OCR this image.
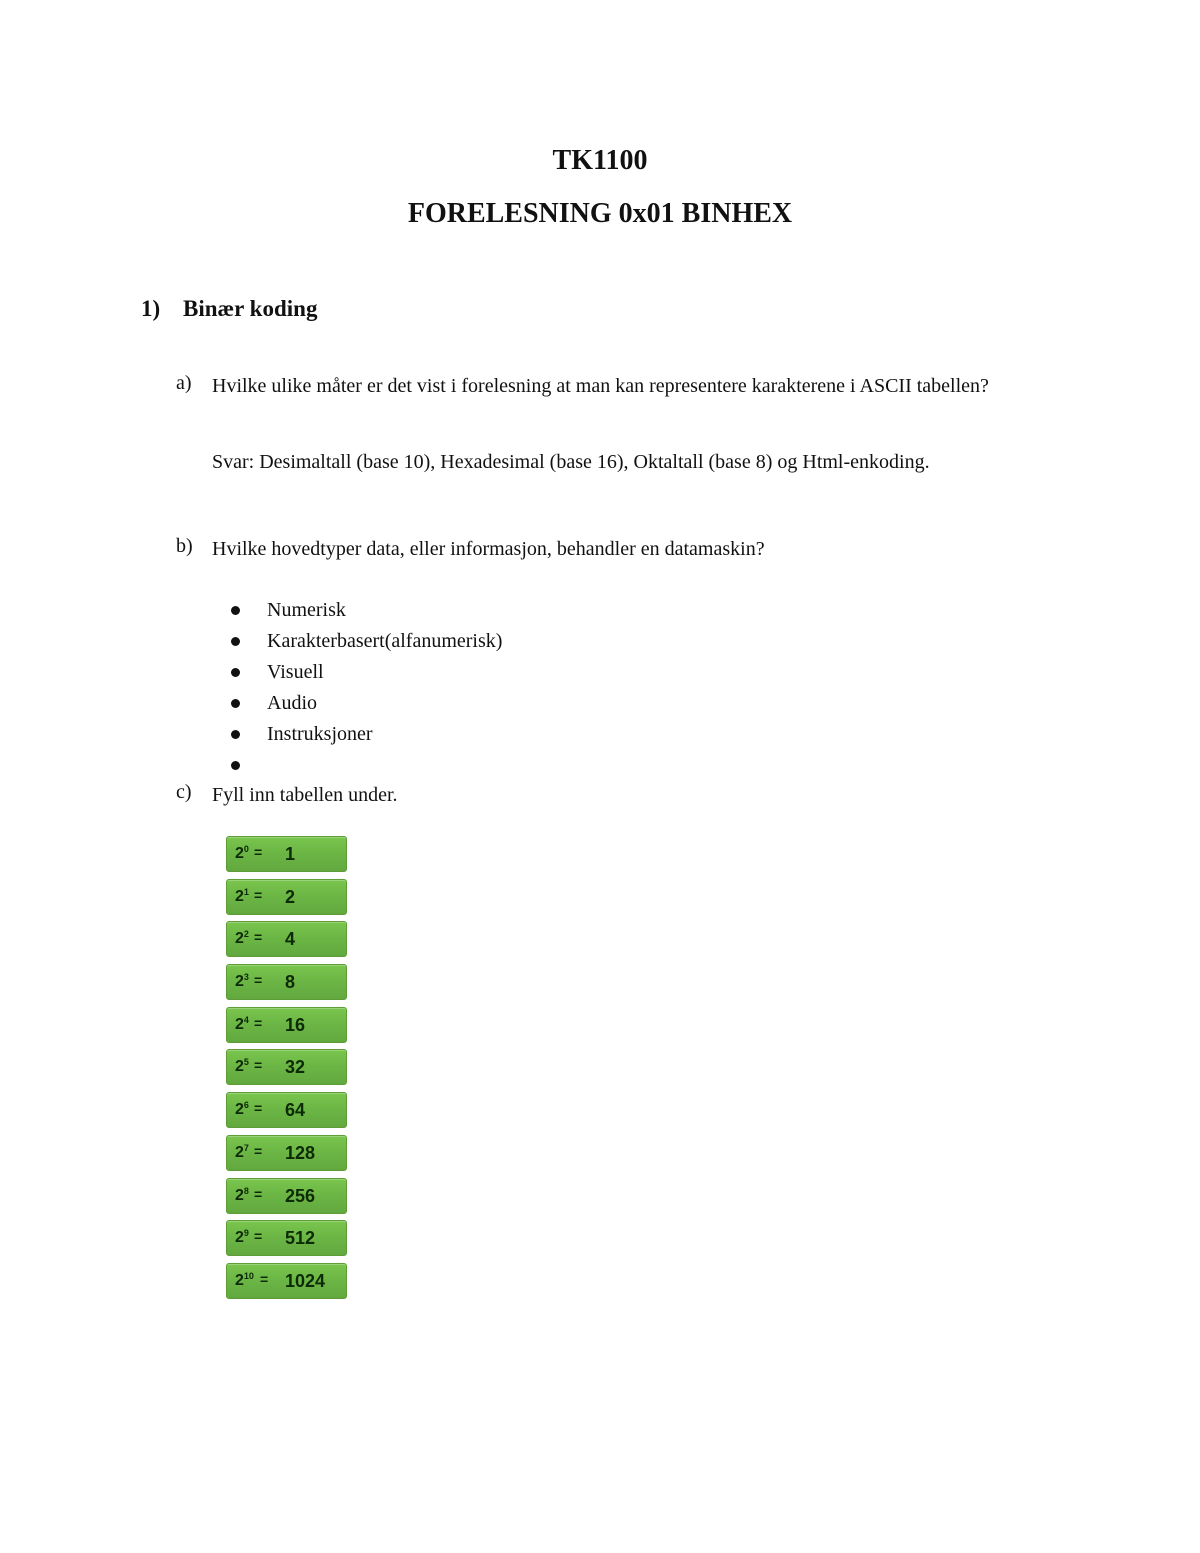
TK1100
FORELESNING 0x01 BINHEX
1) Binær koding
a) Hvilke ulike måter er det vist i forelesning at man kan representere karakterene i ASCII tabellen?
Svar: Desimaltall (base 10), Hexadesimal (base 16), Oktaltall (base 8) og Html-enkoding.
b) Hvilke hovedtyper data, eller informasjon, behandler en datamaskin?
Numerisk
Karakterbasert(alfanumerisk)
Visuell
Audio
Instruksjoner
c) Fyll inn tabellen under.
$2^0 = 1$
$2^1 = 2$
$2^2 = 4$
$2^3 = 8$
$2^4 = 16$
$2^5 = 32$
$2^6 = 64$
$2^7 = 128$
$2^8 = 256$
$2^9 = 512$
$2^{10} = 1024$
